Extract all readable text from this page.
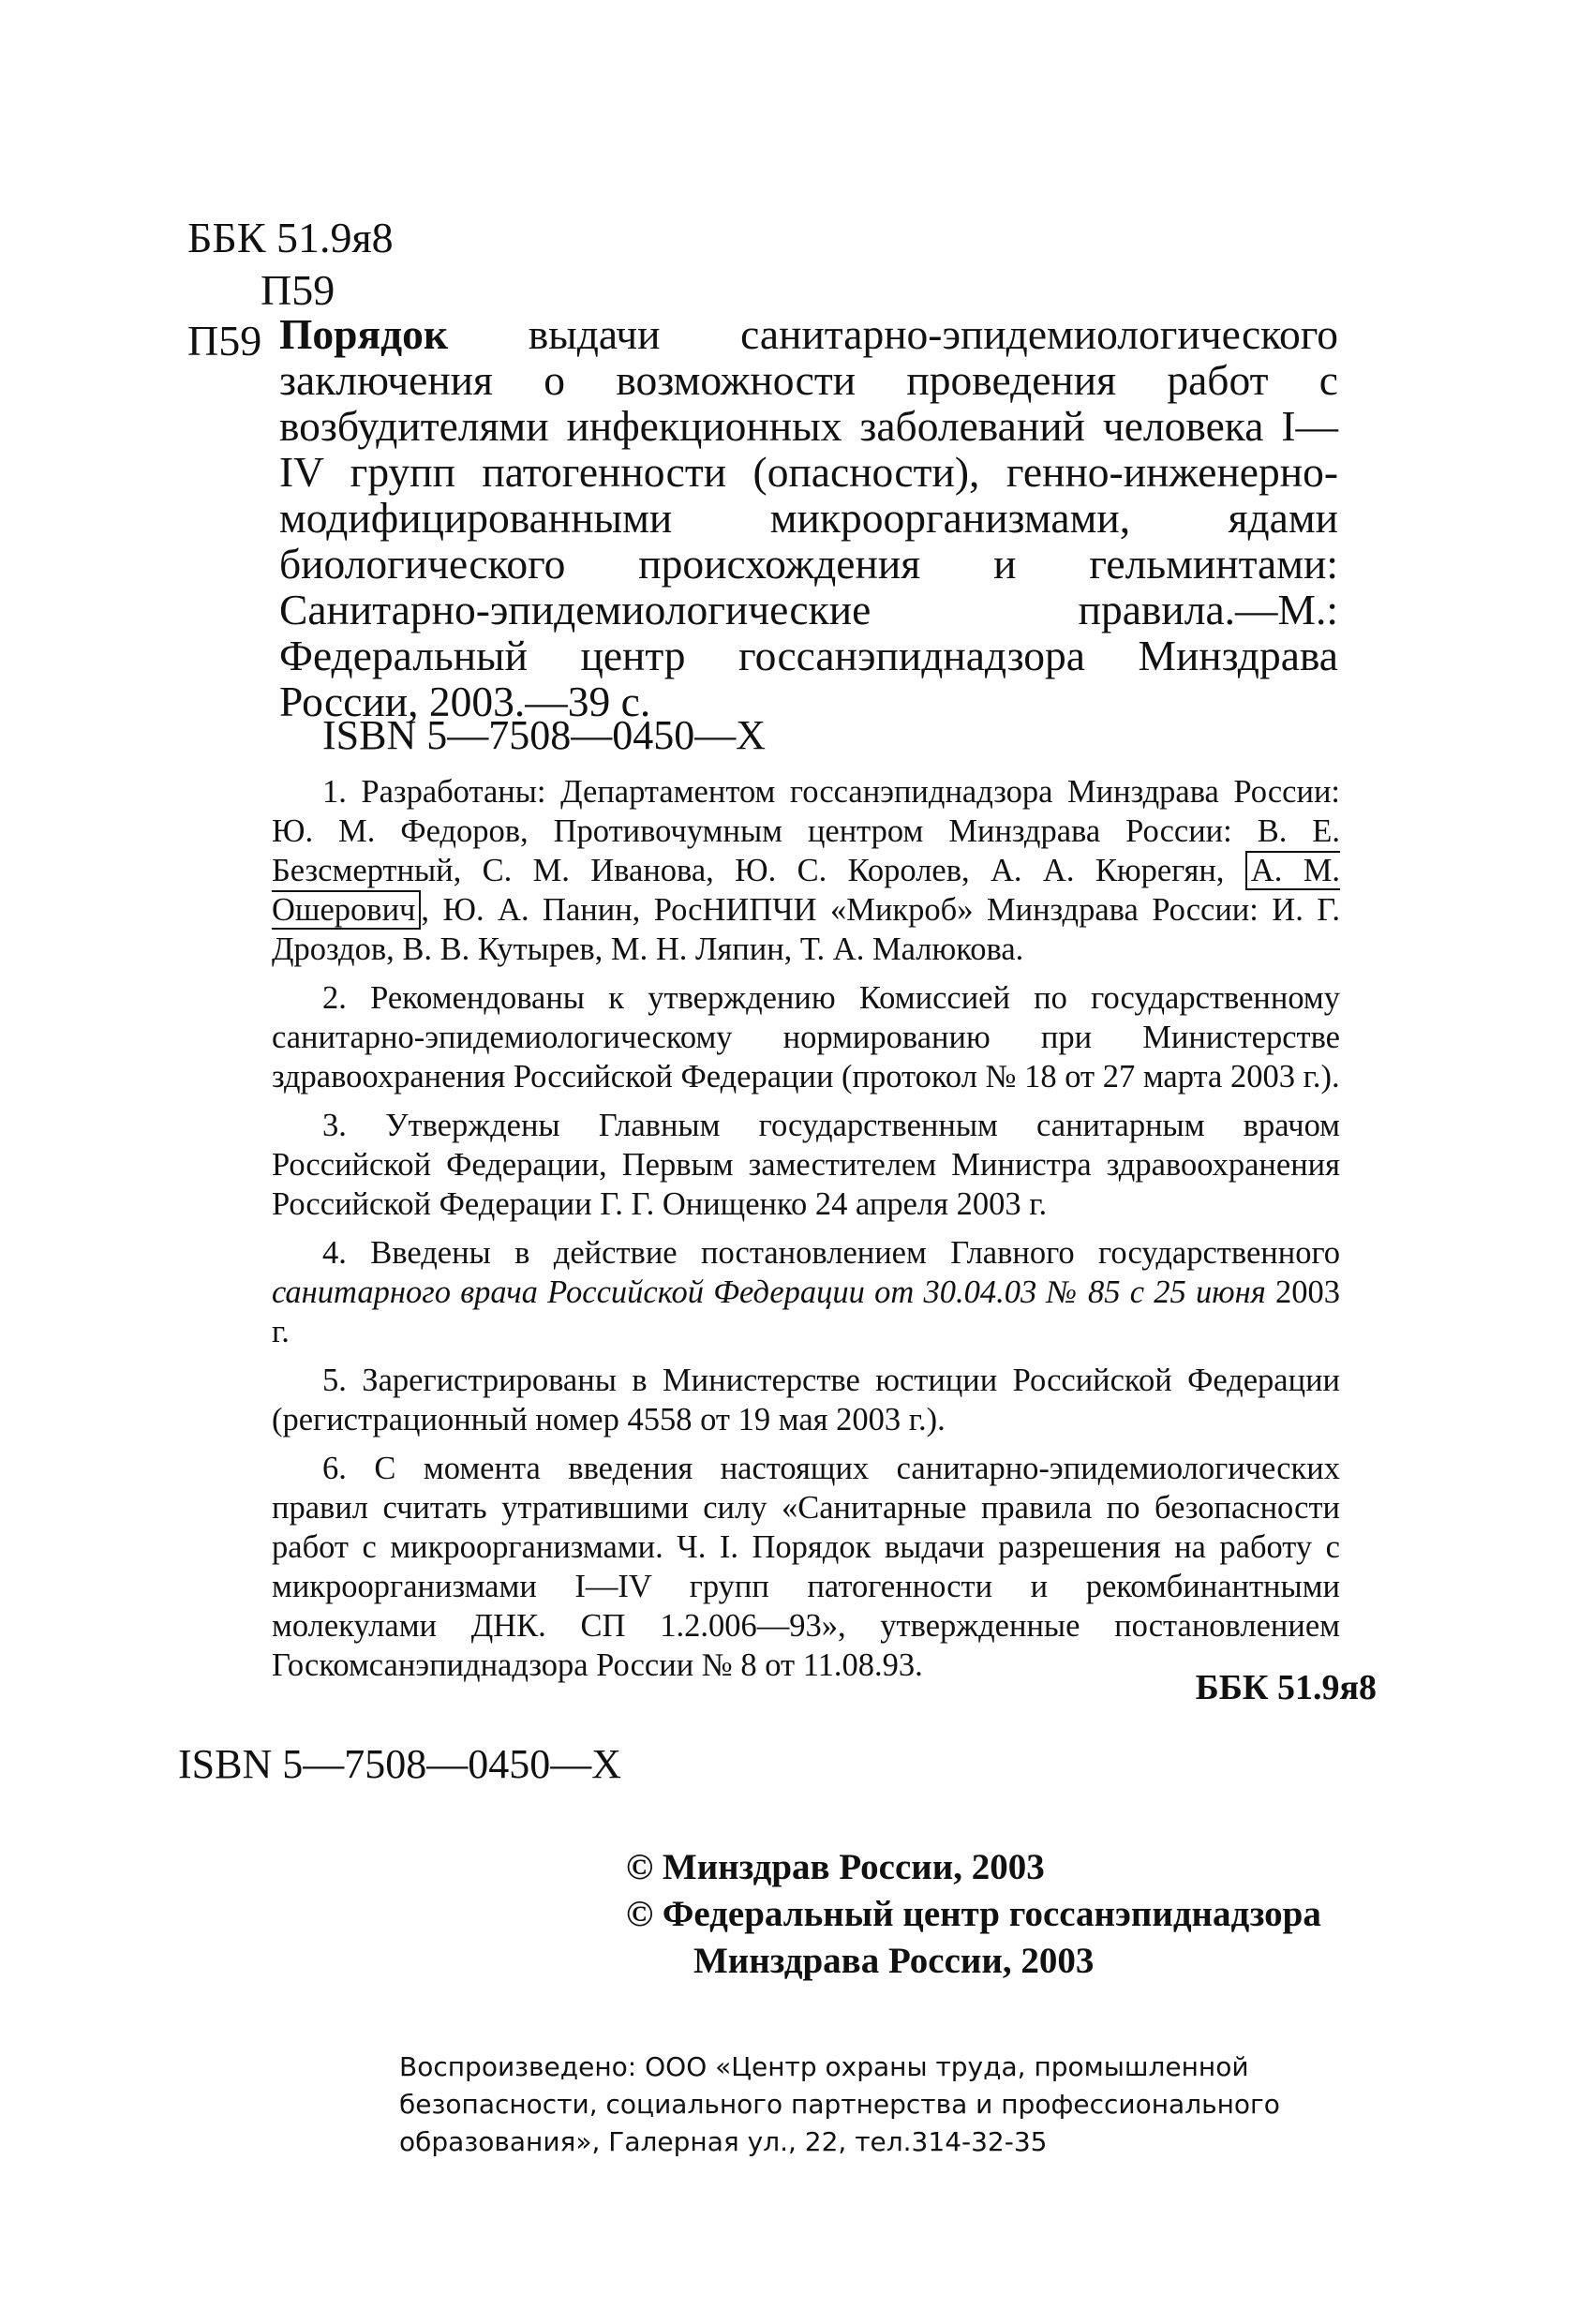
ББК 51.9я8
П59
П59 Порядок выдачи санитарно-эпидемиологического заключения о возможности проведения работ с возбудителями инфекционных заболеваний человека I—IV групп патогенности (опасности), генно-инженерно-модифицированными микроорганизмами, ядами биологического происхождения и гельминтами: Санитарно-эпидемиологические правила.—М.: Федеральный центр госсанэпиднадзора Минздрава России, 2003.—39 с.

ISBN 5—7508—0450—X

1. Разработаны: Департаментом госсанэпиднадзора Минздрава России: Ю. М. Федоров, Противочумным центром Минздрава России: В. Е. Безсмертный, С. М. Иванова, Ю. С. Королев, А. А. Кюрегян, А. М. Ошерович , Ю. А. Панин, РосНИПЧИ «Микроб» Минздрава России: И. Г. Дроздов, В. В. Кутырев, М. Н. Ляпин, Т. А. Малюкова.

2. Рекомендованы к утверждению Комиссией по государственному санитарно-эпидемиологическому нормированию при Министерстве здравоохранения Российской Федерации (протокол № 18 от 27 марта 2003 г.).

3. Утверждены Главным государственным санитарным врачом Российской Федерации, Первым заместителем Министра здравоохранения Российской Федерации Г. Г. Онищенко 24 апреля 2003 г.

4. Введены в действие постановлением Главного государственного санитарного врача Российской Федерации от 30.04.03 № 85 с 25 июня 2003 г.

5. Зарегистрированы в Министерстве юстиции Российской Федерации (регистрационный номер 4558 от 19 мая 2003 г.).

6. С момента введения настоящих санитарно-эпидемиологических правил считать утратившими силу «Санитарные правила по безопасности работ с микроорганизмами. Ч. I. Порядок выдачи разрешения на работу с микроорганизмами I—IV групп патогенности и рекомбинантными молекулами ДНК. СП 1.2.006—93», утвержденные постановлением Госкомсанэпиднадзора России № 8 от 11.08.93.

ББК 51.9я8
ISBN 5—7508—0450—X
© Минздрав России, 2003
© Федеральный центр госсанэпиднадзора
Минздрава России, 2003
Воспроизведено: ООО «Центр охраны труда, промышленной
безопасности, социального партнерства и профессионального
образования», Галерная ул., 22, тел.314-32-35
